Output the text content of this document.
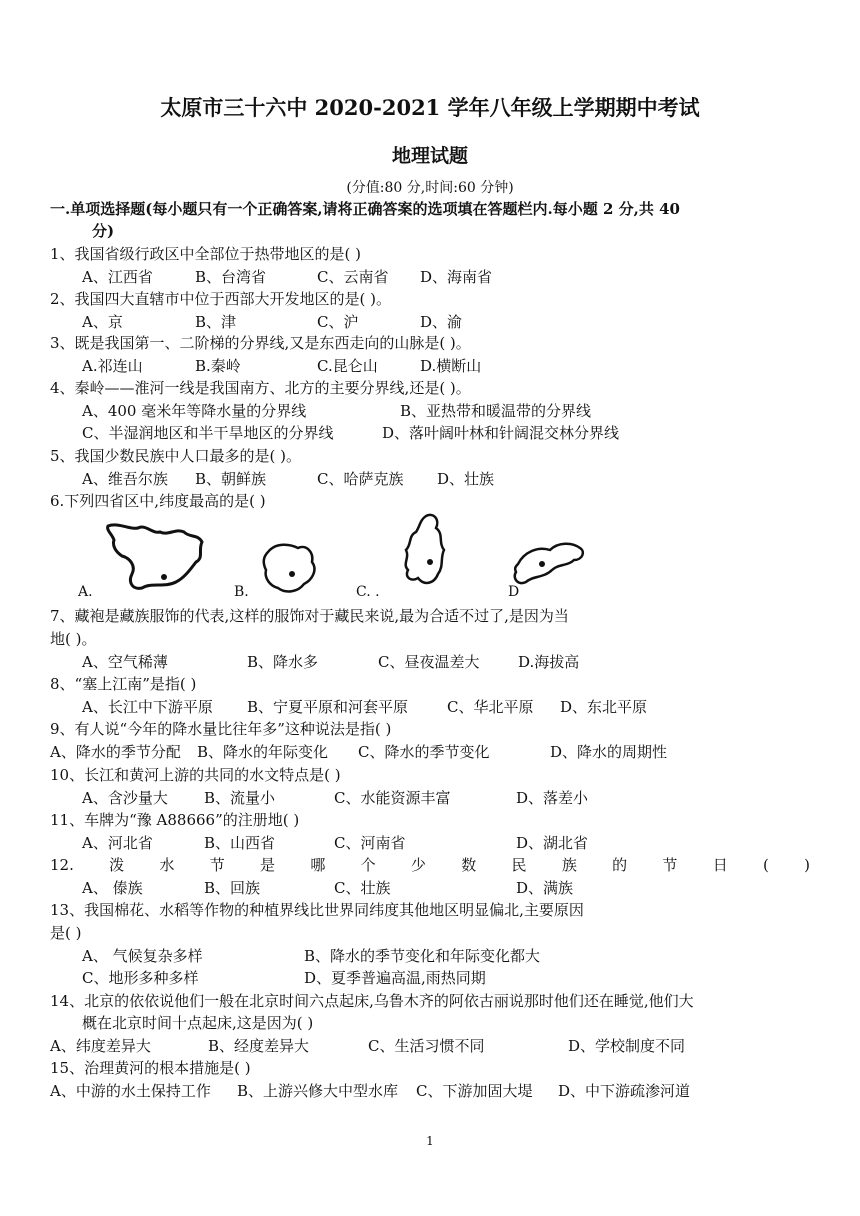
太原市三十六中 2020-2021 学年八年级上学期期中考试
地理试题
(分值:80 分,时间:60 分钟)
一.单项选择题(每小题只有一个正确答案,请将正确答案的选项填在答题栏内.每小题 2 分,共 40
分)
1、我国省级行政区中全部位于热带地区的是( )
A、江西省	B、台湾省	C、云南省 D、海南省
2、我国四大直辖市中位于西部大开发地区的是( )。
A、京	B、津	C、沪	D、渝
3、既是我国第一、二阶梯的分界线,又是东西走向的山脉是( )。
A.祁连山	B.秦岭	C.昆仑山	D.横断山
4、秦岭——淮河一线是我国南方、北方的主要分界线,还是( )。
A、400 毫米年等降水量的分界线	B、亚热带和暖温带的分界线
C、半湿润地区和半干旱地区的分界线	D、落叶阔叶林和针阔混交林分界线
5、我国少数民族中人口最多的是( )。
A、维吾尔族 B、朝鲜族	C、哈萨克族 D、壮族
6.下列四省区中,纬度最高的是( )
A.	B.	C. .	D
7、藏袍是藏族服饰的代表,这样的服饰对于藏民来说,最为合适不过了,是因为当
地( )。
A、空气稀薄	B、降水多	C、昼夜温差大	D.海拔高
8、“塞上江南”是指( )
A、长江中下游平原 B、宁夏平原和河套平原	C、华北平原 D、东北平原
9、有人说“今年的降水量比往年多”这种说法是指( )
A、降水的季节分配 B、降水的年际变化 C、降水的季节变化	D、降水的周期性
10、长江和黄河上游的共同的水文特点是( )
A、含沙量大 B、流量小	C、水能资源丰富	D、落差小
11、车牌为“豫 A88666”的注册地( )
A、河北省	B、山西省	C、河南省	D、湖北省
12. 泼 水 节 是 哪 个 少 数 民 族 的 节 日 ( )
A、 傣族	B、回族	C、壮族	D、满族
13、我国棉花、水稻等作物的种植界线比世界同纬度其他地区明显偏北,主要原因
是( )
A、 气候复杂多样	B、降水的季节变化和年际变化都大
C、地形多种多样	D、夏季普遍高温,雨热同期
14、北京的依依说他们一般在北京时间六点起床,乌鲁木齐的阿依古丽说那时他们还在睡觉,他们大
概在北京时间十点起床,这是因为( )
A、纬度差异大	B、经度差异大	C、生活习惯不同	D、学校制度不同
15、治理黄河的根本措施是( )
A、中游的水土保持工作 B、上游兴修大中型水库 C、下游加固大堤 D、中下游疏渗河道
1
